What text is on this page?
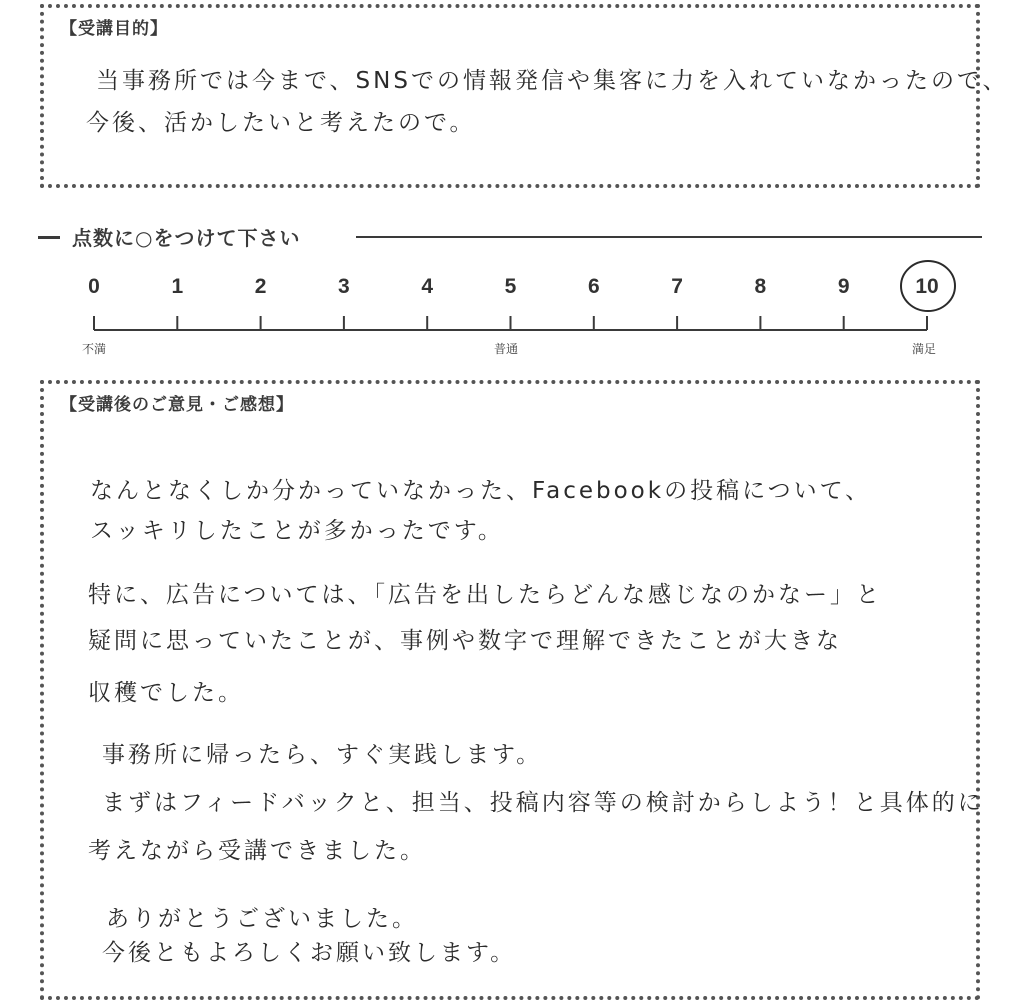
【受講目的】

当事務所では今まで、SNSでの情報発信や集客に力を入れていなかったので、

今後、活かしたいと考えたので。

点数に○をつけて下さい
0	1	2	3	4	5	6	7	8	9	10
不満	普通	満足
【受講後のご意見・ご感想】

なんとなくしか分かっていなかった、Facebookの投稿について、

スッキリしたことが多かったです。

特に、広告については、「広告を出したらどんな感じなのかなー」と

疑問に思っていたことが、事例や数字で理解できたことが大きな

収穫でした。

事務所に帰ったら、すぐ実践します。

まずはフィードバックと、担当、投稿内容等の検討からしよう！と具体的に

考えながら受講できました。

ありがとうございました。

今後ともよろしくお願い致します。
